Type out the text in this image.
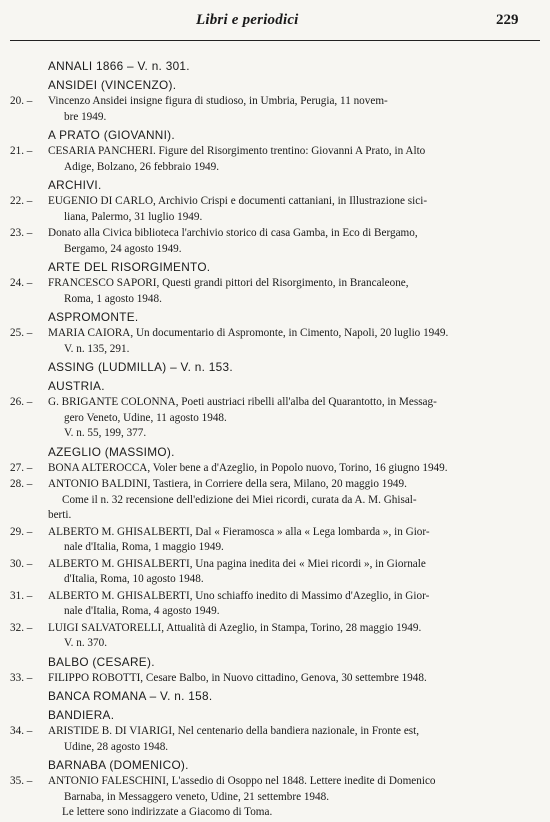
Libri e periodici	229
ANNALI 1866 – V. n. 301.
ANSIDEI (VINCENZO).
20. –	Vincenzo Ansidei insigne figura di studioso, in Umbria, Perugia, 11 novem-
bre 1949.
A PRATO (GIOVANNI).
21. –	CESARIA PANCHERI. Figure del Risorgimento trentino: Giovanni A Prato, in Alto
Adige, Bolzano, 26 febbraio 1949.
ARCHIVI.
22. –	EUGENIO DI CARLO, Archivio Crispi e documenti cattaniani, in Illustrazione sici-
liana, Palermo, 31 luglio 1949.
23. –	Donato alla Civica biblioteca l'archivio storico di casa Gamba, in Eco di Bergamo,
Bergamo, 24 agosto 1949.
ARTE DEL RISORGIMENTO.
24. –	FRANCESCO SAPORI, Questi grandi pittori del Risorgimento, in Brancaleone,
Roma, 1 agosto 1948.
ASPROMONTE.
25. –	MARIA CAIORA, Un documentario di Aspromonte, in Cimento, Napoli, 20 luglio 1949.
V. n. 135, 291.
ASSING (LUDMILLA) – V. n. 153.
AUSTRIA.
26. –	G. BRIGANTE COLONNA, Poeti austriaci ribelli all'alba del Quarantotto, in Messag-
gero Veneto, Udine, 11 agosto 1948.
V. n. 55, 199, 377.
AZEGLIO (MASSIMO).
27. –	BONA ALTEROCCA, Voler bene a d'Azeglio, in Popolo nuovo, Torino, 16 giugno 1949.
28. –	ANTONIO BALDINI, Tastiera, in Corriere della sera, Milano, 20 maggio 1949.
Come il n. 32 recensione dell'edizione dei Miei ricordi, curata da A. M. Ghisal-
berti.
29. –	ALBERTO M. GHISALBERTI, Dal « Fieramosca » alla « Lega lombarda », in Gior-
nale d'Italia, Roma, 1 maggio 1949.
30. –	ALBERTO M. GHISALBERTI, Una pagina inedita dei « Miei ricordi », in Giornale
d'Italia, Roma, 10 agosto 1948.
31. –	ALBERTO M. GHISALBERTI, Uno schiaffo inedito di Massimo d'Azeglio, in Gior-
nale d'Italia, Roma, 4 agosto 1949.
32. –	LUIGI SALVATORELLI, Attualità di Azeglio, in Stampa, Torino, 28 maggio 1949.
V. n. 370.
BALBO (CESARE).
33. –	FILIPPO ROBOTTI, Cesare Balbo, in Nuovo cittadino, Genova, 30 settembre 1948.
BANCA ROMANA – V. n. 158.
BANDIERA.
34. –	ARISTIDE B. DI VIARIGI, Nel centenario della bandiera nazionale, in Fronte est,
Udine, 28 agosto 1948.
BARNABA (DOMENICO).
35. –	ANTONIO FALESCHINI, L'assedio di Osoppo nel 1848. Lettere inedite di Domenico
Barnaba, in Messaggero veneto, Udine, 21 settembre 1948.
Le lettere sono indirizzate a Giacomo di Toma.
